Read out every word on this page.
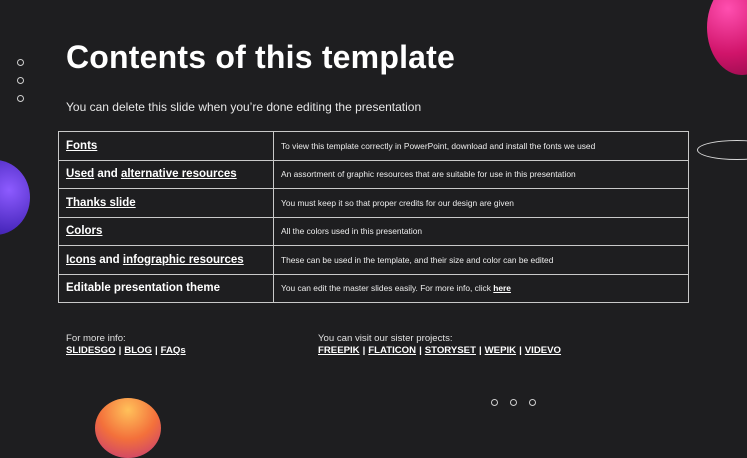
Contents of this template

You can delete this slide when you’re done editing the presentation

Fonts	To view this template correctly in PowerPoint, download and install the fonts we used
Used and alternative resources	An assortment of graphic resources that are suitable for use in this presentation
Thanks slide	You must keep it so that proper credits for our design are given
Colors	All the colors used in this presentation
Icons and infographic resources	These can be used in the template, and their size and color can be edited
Editable presentation theme	You can edit the master slides easily. For more info, click here

For more info:

SLIDESGO | BLOG | FAQs

You can visit our sister projects:

FREEPIK | FLATICON | STORYSET | WEPIK | VIDEVO
